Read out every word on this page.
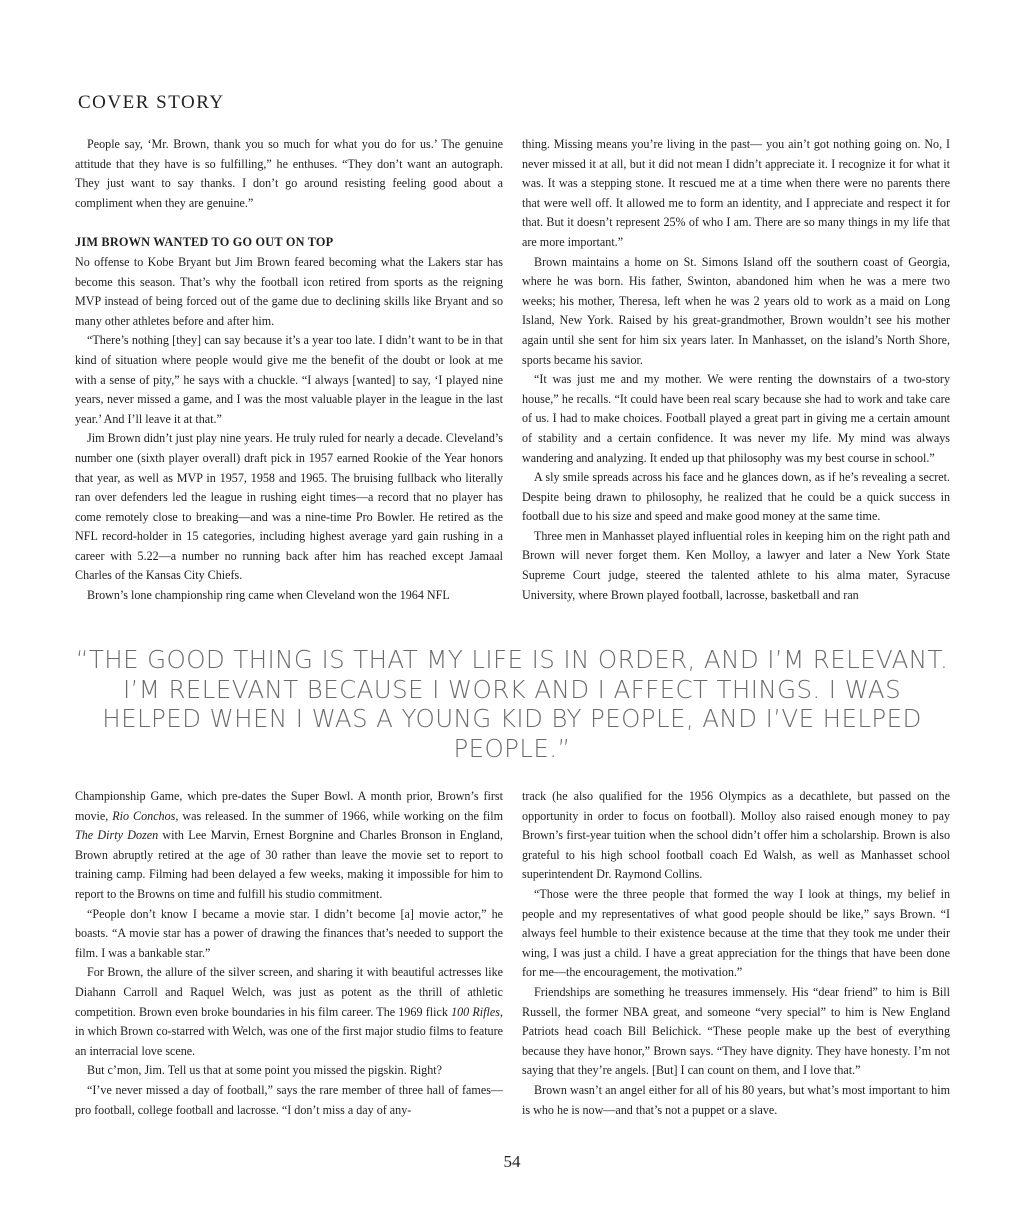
COVER STORY

People say, ‘Mr. Brown, thank you so much for what you do for us.’ The genuine attitude that they have is so fulfilling,” he enthuses. “They don’t want an autograph. They just want to say thanks. I don’t go around resisting feeling good about a compliment when they are genuine.”

JIM BROWN WANTED TO GO OUT ON TOP

No offense to Kobe Bryant but Jim Brown feared becoming what the Lakers star has become this season. That’s why the football icon retired from sports as the reigning MVP instead of being forced out of the game due to declining skills like Bryant and so many other athletes before and after him.

“There’s nothing [they] can say because it’s a year too late. I didn’t want to be in that kind of situation where people would give me the benefit of the doubt or look at me with a sense of pity,” he says with a chuckle. “I always [wanted] to say, ‘I played nine years, never missed a game, and I was the most valuable player in the league in the last year.’ And I’ll leave it at that.”

Jim Brown didn’t just play nine years. He truly ruled for nearly a decade. Cleveland’s number one (sixth player overall) draft pick in 1957 earned Rookie of the Year honors that year, as well as MVP in 1957, 1958 and 1965. The bruising fullback who literally ran over defenders led the league in rushing eight times—a record that no player has come remotely close to breaking—and was a nine-time Pro Bowler. He retired as the NFL record-holder in 15 categories, including highest average yard gain rushing in a career with 5.22—a number no running back after him has reached except Jamaal Charles of the Kansas City Chiefs.

Brown’s lone championship ring came when Cleveland won the 1964 NFL

thing. Missing means you’re living in the past— you ain’t got nothing going on. No, I never missed it at all, but it did not mean I didn’t appreciate it. I recognize it for what it was. It was a stepping stone. It rescued me at a time when there were no parents there that were well off. It allowed me to form an identity, and I appreciate and respect it for that. But it doesn’t represent 25% of who I am. There are so many things in my life that are more important.”

Brown maintains a home on St. Simons Island off the southern coast of Georgia, where he was born. His father, Swinton, abandoned him when he was a mere two weeks; his mother, Theresa, left when he was 2 years old to work as a maid on Long Island, New York. Raised by his great-grandmother, Brown wouldn’t see his mother again until she sent for him six years later. In Manhasset, on the island’s North Shore, sports became his savior.

“It was just me and my mother. We were renting the downstairs of a two-story house,” he recalls. “It could have been real scary because she had to work and take care of us. I had to make choices. Football played a great part in giving me a certain amount of stability and a certain confidence. It was never my life. My mind was always wandering and analyzing. It ended up that philosophy was my best course in school.”

A sly smile spreads across his face and he glances down, as if he’s revealing a secret. Despite being drawn to philosophy, he realized that he could be a quick success in football due to his size and speed and make good money at the same time.

Three men in Manhasset played influential roles in keeping him on the right path and Brown will never forget them. Ken Molloy, a lawyer and later a New York State Supreme Court judge, steered the talented athlete to his alma mater, Syracuse University, where Brown played football, lacrosse, basketball and ran

“THE GOOD THING IS THAT MY LIFE IS IN ORDER, AND I’M RELEVANT. I’M RELEVANT BECAUSE I WORK AND I AFFECT THINGS. I WAS HELPED WHEN I WAS A YOUNG KID BY PEOPLE, AND I’VE HELPED PEOPLE.”

Championship Game, which pre-dates the Super Bowl. A month prior, Brown’s first movie, Rio Conchos, was released. In the summer of 1966, while working on the film The Dirty Dozen with Lee Marvin, Ernest Borgnine and Charles Bronson in England, Brown abruptly retired at the age of 30 rather than leave the movie set to report to training camp. Filming had been delayed a few weeks, making it impossible for him to report to the Browns on time and fulfill his studio commitment.

“People don’t know I became a movie star. I didn’t become [a] movie actor,” he boasts. “A movie star has a power of drawing the finances that’s needed to support the film. I was a bankable star.”

For Brown, the allure of the silver screen, and sharing it with beautiful actresses like Diahann Carroll and Raquel Welch, was just as potent as the thrill of athletic competition. Brown even broke boundaries in his film career. The 1969 flick 100 Rifles, in which Brown co-starred with Welch, was one of the first major studio films to feature an interracial love scene.

But c’mon, Jim. Tell us that at some point you missed the pigskin. Right?

“I’ve never missed a day of football,” says the rare member of three hall of fames—pro football, college football and lacrosse. “I don’t miss a day of any-

track (he also qualified for the 1956 Olympics as a decathlete, but passed on the opportunity in order to focus on football). Molloy also raised enough money to pay Brown’s first-year tuition when the school didn’t offer him a scholarship. Brown is also grateful to his high school football coach Ed Walsh, as well as Manhasset school superintendent Dr. Raymond Collins.

“Those were the three people that formed the way I look at things, my belief in people and my representatives of what good people should be like,” says Brown. “I always feel humble to their existence because at the time that they took me under their wing, I was just a child. I have a great appreciation for the things that have been done for me—the encouragement, the motivation.”

Friendships are something he treasures immensely. His “dear friend” to him is Bill Russell, the former NBA great, and someone “very special” to him is New England Patriots head coach Bill Belichick. “These people make up the best of everything because they have honor,” Brown says. “They have dignity. They have honesty. I’m not saying that they’re angels. [But] I can count on them, and I love that.”

Brown wasn’t an angel either for all of his 80 years, but what’s most important to him is who he is now—and that’s not a puppet or a slave.

54
